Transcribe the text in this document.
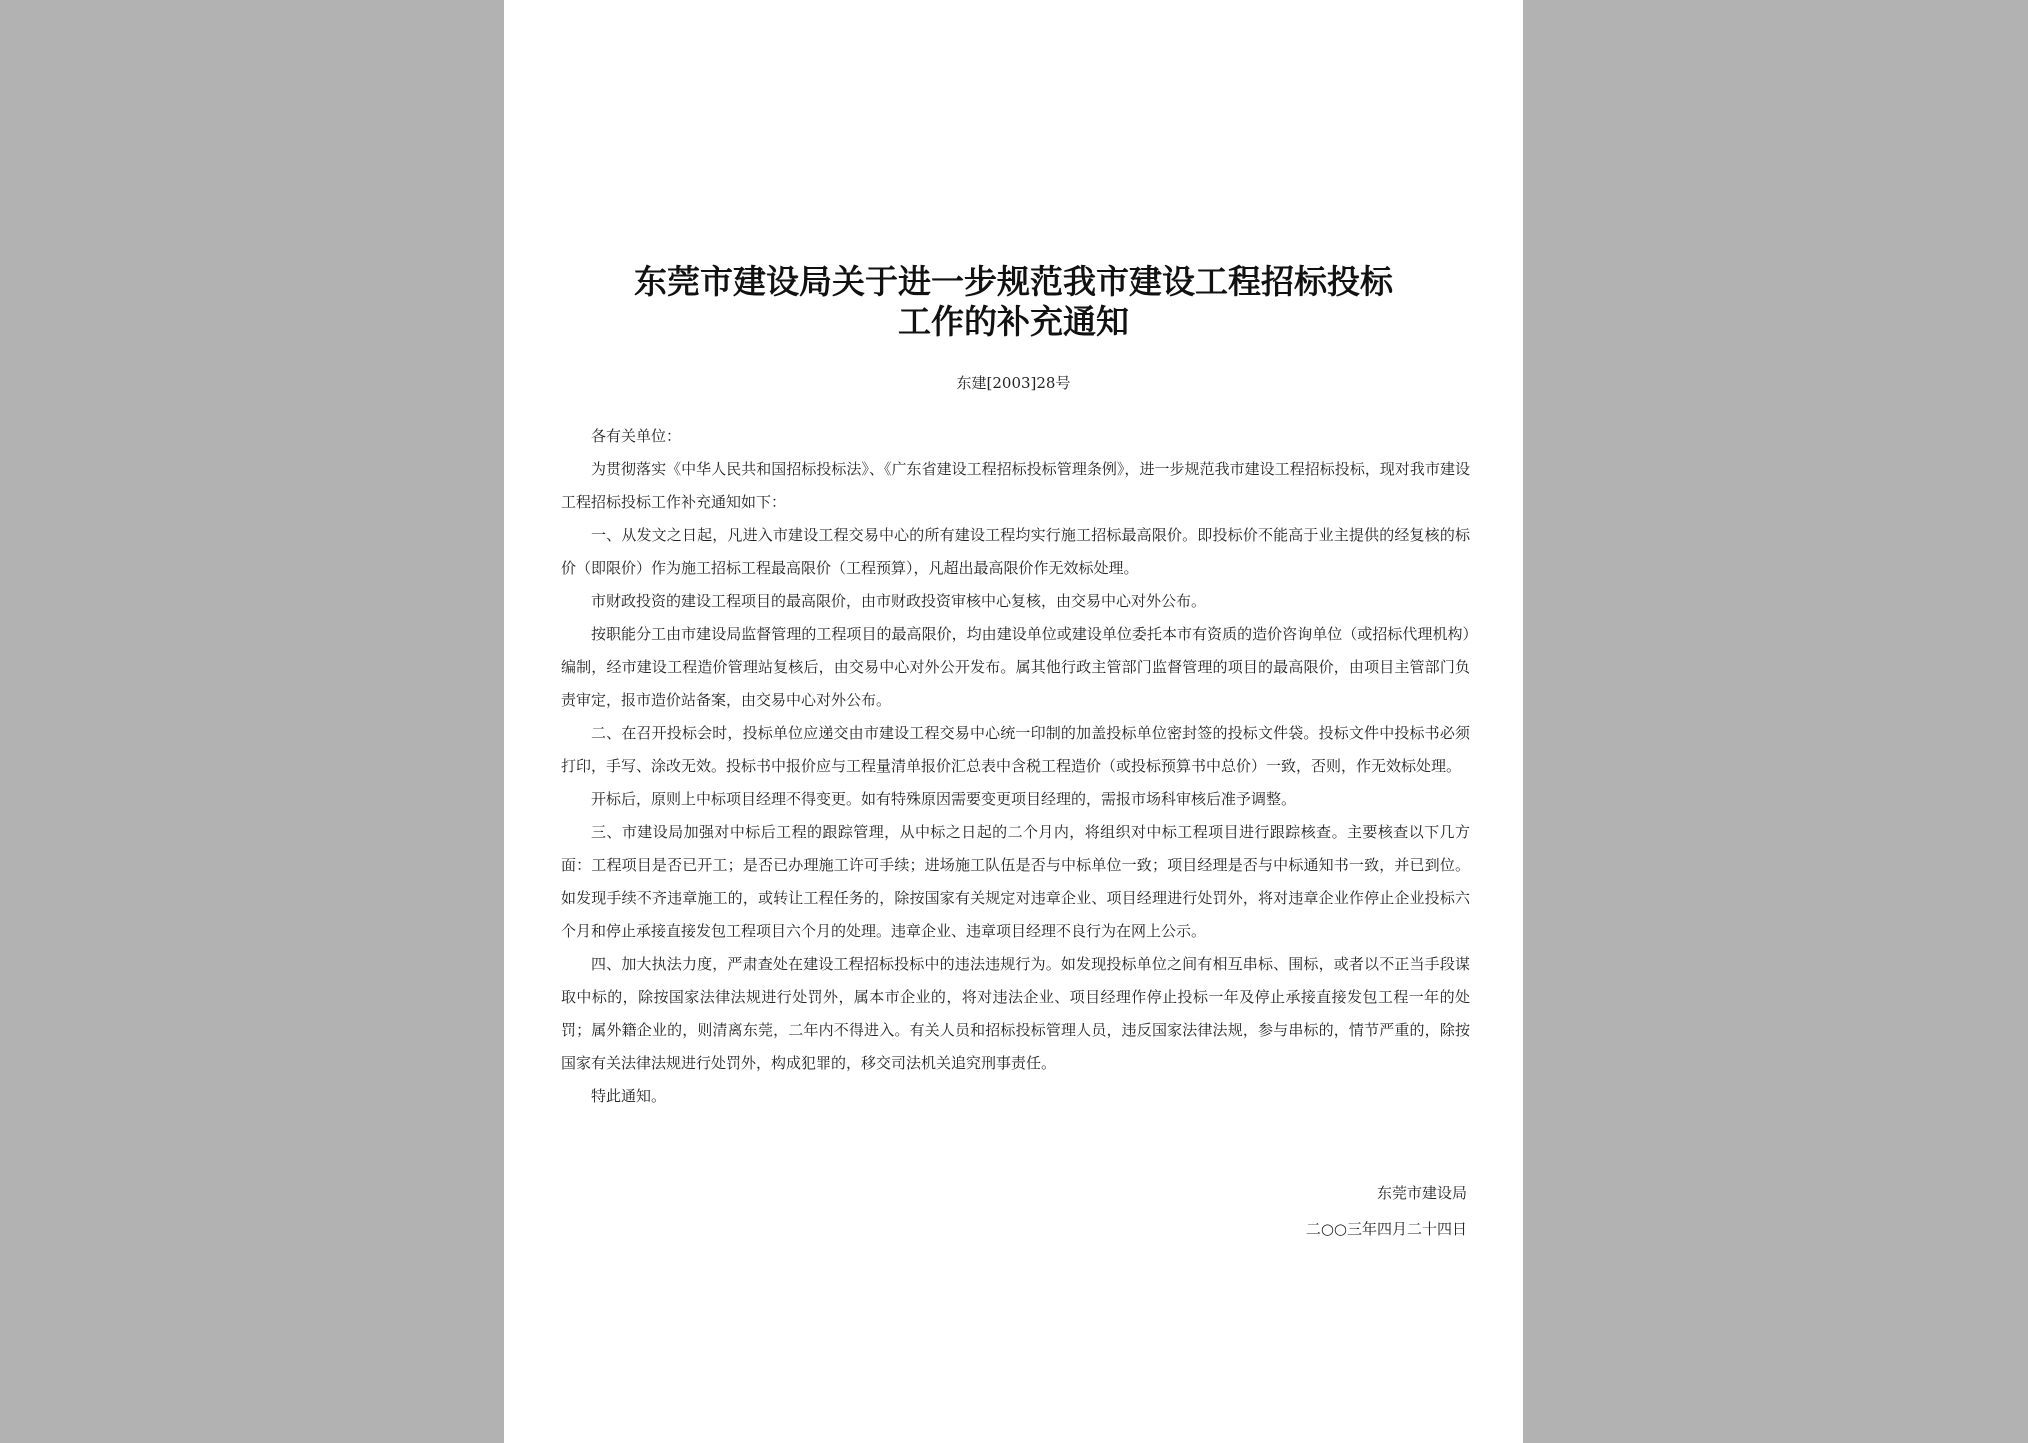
东莞市建设局关于进一步规范我市建设工程招标投标
工作的补充通知
东建[2003]28号

各有关单位：

为贯彻落实《中华人民共和国招标投标法》、《广东省建设工程招标投标管理条例》，进一步规范我市建设工程招标投标，现对我市建设工程招标投标工作补充通知如下：

一、从发文之日起，凡进入市建设工程交易中心的所有建设工程均实行施工招标最高限价。即投标价不能高于业主提供的经复核的标价（即限价）作为施工招标工程最高限价（工程预算），凡超出最高限价作无效标处理。

市财政投资的建设工程项目的最高限价，由市财政投资审核中心复核，由交易中心对外公布。

按职能分工由市建设局监督管理的工程项目的最高限价，均由建设单位或建设单位委托本市有资质的造价咨询单位（或招标代理机构）编制，经市建设工程造价管理站复核后，由交易中心对外公开发布。属其他行政主管部门监督管理的项目的最高限价，由项目主管部门负责审定，报市造价站备案，由交易中心对外公布。

二、在召开投标会时，投标单位应递交由市建设工程交易中心统一印制的加盖投标单位密封签的投标文件袋。投标文件中投标书必须打印，手写、涂改无效。投标书中报价应与工程量清单报价汇总表中含税工程造价（或投标预算书中总价）一致，否则，作无效标处理。

开标后，原则上中标项目经理不得变更。如有特殊原因需要变更项目经理的，需报市场科审核后准予调整。

三、市建设局加强对中标后工程的跟踪管理，从中标之日起的二个月内，将组织对中标工程项目进行跟踪核查。主要核查以下几方面：工程项目是否已开工；是否已办理施工许可手续；进场施工队伍是否与中标单位一致；项目经理是否与中标通知书一致，并已到位。如发现手续不齐违章施工的，或转让工程任务的，除按国家有关规定对违章企业、项目经理进行处罚外，将对违章企业作停止企业投标六个月和停止承接直接发包工程项目六个月的处理。违章企业、违章项目经理不良行为在网上公示。

四、加大执法力度，严肃查处在建设工程招标投标中的违法违规行为。如发现投标单位之间有相互串标、围标，或者以不正当手段谋取中标的，除按国家法律法规进行处罚外，属本市企业的，将对违法企业、项目经理作停止投标一年及停止承接直接发包工程一年的处罚；属外籍企业的，则清离东莞，二年内不得进入。有关人员和招标投标管理人员，违反国家法律法规，参与串标的，情节严重的，除按国家有关法律法规进行处罚外，构成犯罪的，移交司法机关追究刑事责任。

特此通知。

东莞市建设局
二○○三年四月二十四日
